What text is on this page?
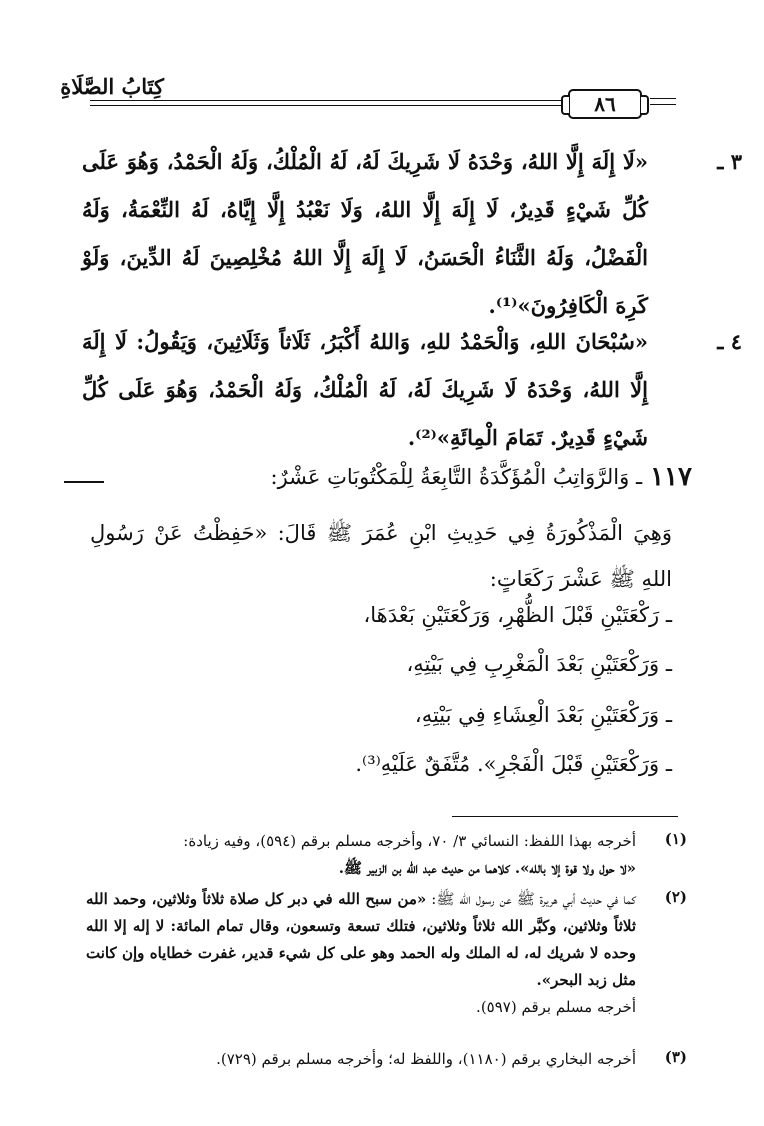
كِتَابُ الصَّلَاةِ
٨٦
٣ ـ

«لَا إِلَهَ إِلَّا اللهُ، وَحْدَهُ لَا شَرِيكَ لَهُ، لَهُ الْمُلْكُ، وَلَهُ الْحَمْدُ، وَهُوَ عَلَى كُلِّ شَيْءٍ قَدِيرٌ، لَا إِلَهَ إِلَّا اللهُ، وَلَا نَعْبُدُ إِلَّا إِيَّاهُ، لَهُ النِّعْمَةُ، وَلَهُ الْفَضْلُ، وَلَهُ الثَّنَاءُ الْحَسَنُ، لَا إِلَهَ إِلَّا اللهُ مُخْلِصِينَ لَهُ الدِّينَ، وَلَوْ كَرِهَ الْكَافِرُونَ»⁽¹⁾.

٤ ـ

«سُبْحَانَ اللهِ، وَالْحَمْدُ للهِ، وَاللهُ أَكْبَرُ، ثَلَاثاً وَثَلَاثِينَ، وَيَقُولُ: لَا إِلَهَ إِلَّا اللهُ، وَحْدَهُ لَا شَرِيكَ لَهُ، لَهُ الْمُلْكُ، وَلَهُ الْحَمْدُ، وَهُوَ عَلَى كُلِّ شَيْءٍ قَدِيرٌ. تَمَامَ الْمِائَةِ»⁽²⁾.

١١٧
ـ وَالرَّوَاتِبُ الْمُؤَكَّدَةُ التَّابِعَةُ لِلْمَكْتُوبَاتِ عَشْرٌ:

وَهِيَ الْمَذْكُورَةُ فِي حَدِيثِ ابْنِ عُمَرَ ﷺ قَالَ: «حَفِظْتُ عَنْ رَسُولِ اللهِ ﷺ عَشْرَ رَكَعَاتٍ:

ـ رَكْعَتَيْنِ قَبْلَ الظُّهْرِ، وَرَكْعَتَيْنِ بَعْدَهَا،
ـ وَرَكْعَتَيْنِ بَعْدَ الْمَغْرِبِ فِي بَيْتِهِ،
ـ وَرَكْعَتَيْنِ بَعْدَ الْعِشَاءِ فِي بَيْتِهِ،
ـ وَرَكْعَتَيْنِ قَبْلَ الْفَجْرِ». مُتَّفَقٌ عَلَيْهِ⁽³⁾.
(١)

أخرجه بهذا اللفظ: النسائي ٣/ ٧٠، وأخرجه مسلم برقم (٥٩٤)، وفيه زيادة:

«لا حول ولا قوة إلا بالله». كلاهما من حديث عبد الله بن الزبير ﷺ.

(٢)

كما في حديث أبي هريرة ﷺ عن رسول الله ﷺ: «من سبح الله في دبر كل صلاة ثلاثاً وثلاثين، وحمد الله ثلاثاً وثلاثين، وكبَّر الله ثلاثاً وثلاثين، فتلك تسعة وتسعون، وقال تمام المائة: لا إله إلا الله وحده لا شريك له، له الملك وله الحمد وهو على كل شيء قدير، غفرت خطاياه وإن كانت مثل زبد البحر».

أخرجه مسلم برقم (٥٩٧).

(٣)

أخرجه البخاري برقم (١١٨٠)، واللفظ له؛ وأخرجه مسلم برقم (٧٢٩).
